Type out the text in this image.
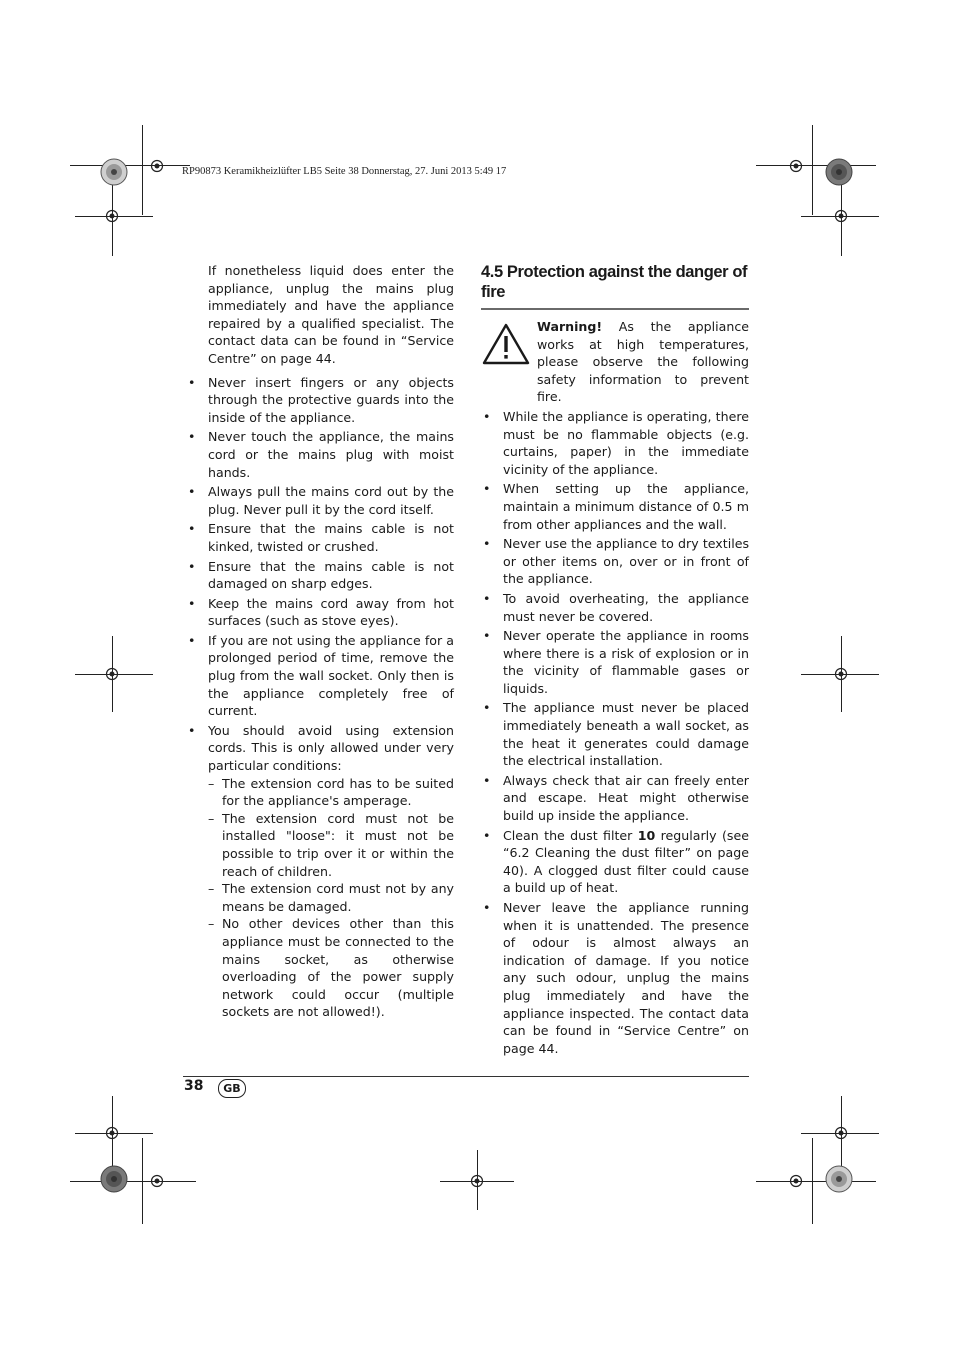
RP90873 Keramikheizlüfter LB5 Seite 38 Donnerstag, 27. Juni 2013 5:49 17

If nonetheless liquid does enter the appliance, unplug the mains plug immediately and have the appliance repaired by a qualified specialist. The contact data can be found in “Service Centre” on page 44.

• Never insert fingers or any objects through the protective guards into the inside of the appliance.
• Never touch the appliance, the mains cord or the mains plug with moist hands.
• Always pull the mains cord out by the plug. Never pull it by the cord itself.
• Ensure that the mains cable is not kinked, twisted or crushed.
• Ensure that the mains cable is not damaged on sharp edges.
• Keep the mains cord away from hot surfaces (such as stove eyes).
• If you are not using the appliance for a prolonged period of time, remove the plug from the wall socket. Only then is the appliance completely free of current.
• You should avoid using extension cords. This is only allowed under very particular conditions:
– The extension cord has to be suited for the appliance's amperage.
– The extension cord must not be installed "loose": it must not be possible to trip over it or within the reach of children.
– The extension cord must not by any means be damaged.
– No other devices other than this appliance must be connected to the mains socket, as otherwise overloading of the power supply network could occur (multiple sockets are not allowed!).
4.5 Protection against the danger of fire
Warning! As the appliance works at high temperatures, please observe the following safety information to prevent fire.
• While the appliance is operating, there must be no flammable objects (e.g. curtains, paper) in the immediate vicinity of the appliance.
• When setting up the appliance, maintain a minimum distance of 0.5 m from other appliances and the wall.
• Never use the appliance to dry textiles or other items on, over or in front of the appliance.
• To avoid overheating, the appliance must never be covered.
• Never operate the appliance in rooms where there is a risk of explosion or in the vicinity of flammable gases or liquids.
• The appliance must never be placed immediately beneath a wall socket, as the heat it generates could damage the electrical installation.
• Always check that air can freely enter and escape. Heat might otherwise build up inside the appliance.
• Clean the dust filter 10 regularly (see “6.2 Cleaning the dust filter” on page 40). A clogged dust filter could cause a build up of heat.
• Never leave the appliance running when it is unattended. The presence of odour is almost always an indication of damage. If you notice any such odour, unplug the mains plug immediately and have the appliance inspected. The contact data can be found in “Service Centre” on page 44.
38	GB
